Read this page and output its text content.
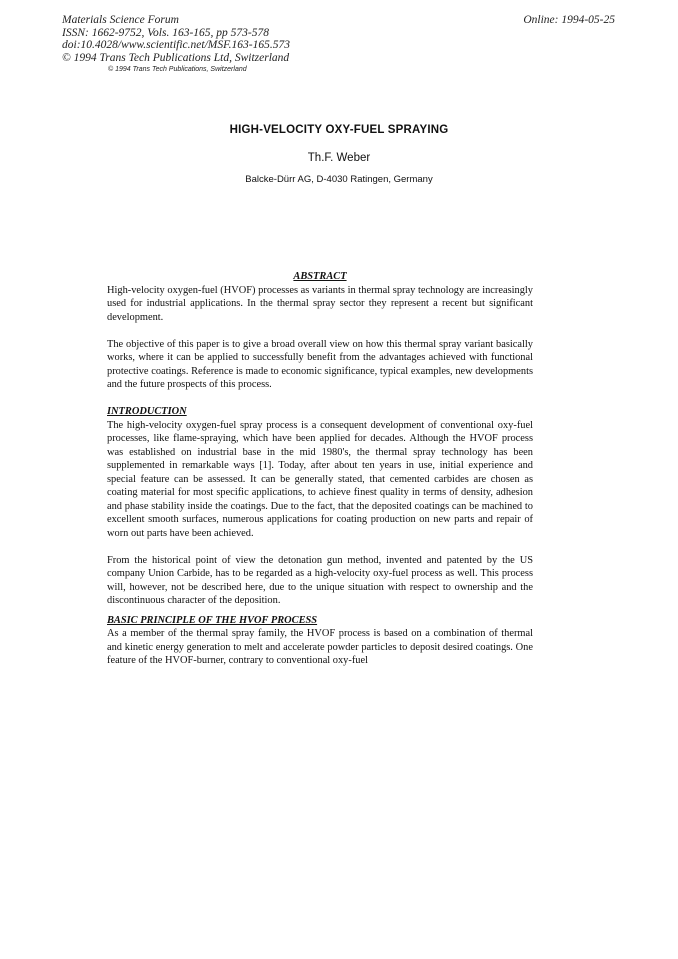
Materials Science Forum
ISSN: 1662-9752, Vols. 163-165, pp 573-578
doi:10.4028/www.scientific.net/MSF.163-165.573
© 1994 Trans Tech Publications Ltd, Switzerland
Online: 1994-05-25
© 1994 Trans Tech Publications, Switzerland
HIGH-VELOCITY OXY-FUEL SPRAYING
Th.F. Weber
Balcke-Dürr AG, D-4030 Ratingen, Germany

ABSTRACT

High-velocity oxygen-fuel (HVOF) processes as variants in thermal spray technology are increasingly used for industrial applications. In the thermal spray sector they represent a recent but significant development.

The objective of this paper is to give a broad overall view on how this thermal spray variant basically works, where it can be applied to successfully benefit from the advantages achieved with functional protective coatings. Reference is made to economic significance, typical examples, new developments and the future prospects of this process.

INTRODUCTION

The high-velocity oxygen-fuel spray process is a consequent development of conventional oxy-fuel processes, like flame-spraying, which have been applied for decades. Although the HVOF process was established on industrial base in the mid 1980's, the thermal spray technology has been supplemented in remarkable ways [1]. Today, after about ten years in use, initial experience and special feature can be assessed. It can be generally stated, that cemented carbides are chosen as coating material for most specific applications, to achieve finest quality in terms of density, adhesion and phase stability inside the coatings. Due to the fact, that the deposited coatings can be machined to excellent smooth surfaces, numerous applications for coating production on new parts and repair of worn out parts have been achieved.

From the historical point of view the detonation gun method, invented and patented by the US company Union Carbide, has to be regarded as a high-velocity oxy-fuel process as well. This process will, however, not be described here, due to the unique situation with respect to ownership and the discontinuous character of the deposition.

BASIC PRINCIPLE OF THE HVOF PROCESS

As a member of the thermal spray family, the HVOF process is based on a combination of thermal and kinetic energy generation to melt and accelerate powder particles to deposit desired coatings. One feature of the HVOF-burner, contrary to conventional oxy-fuel
